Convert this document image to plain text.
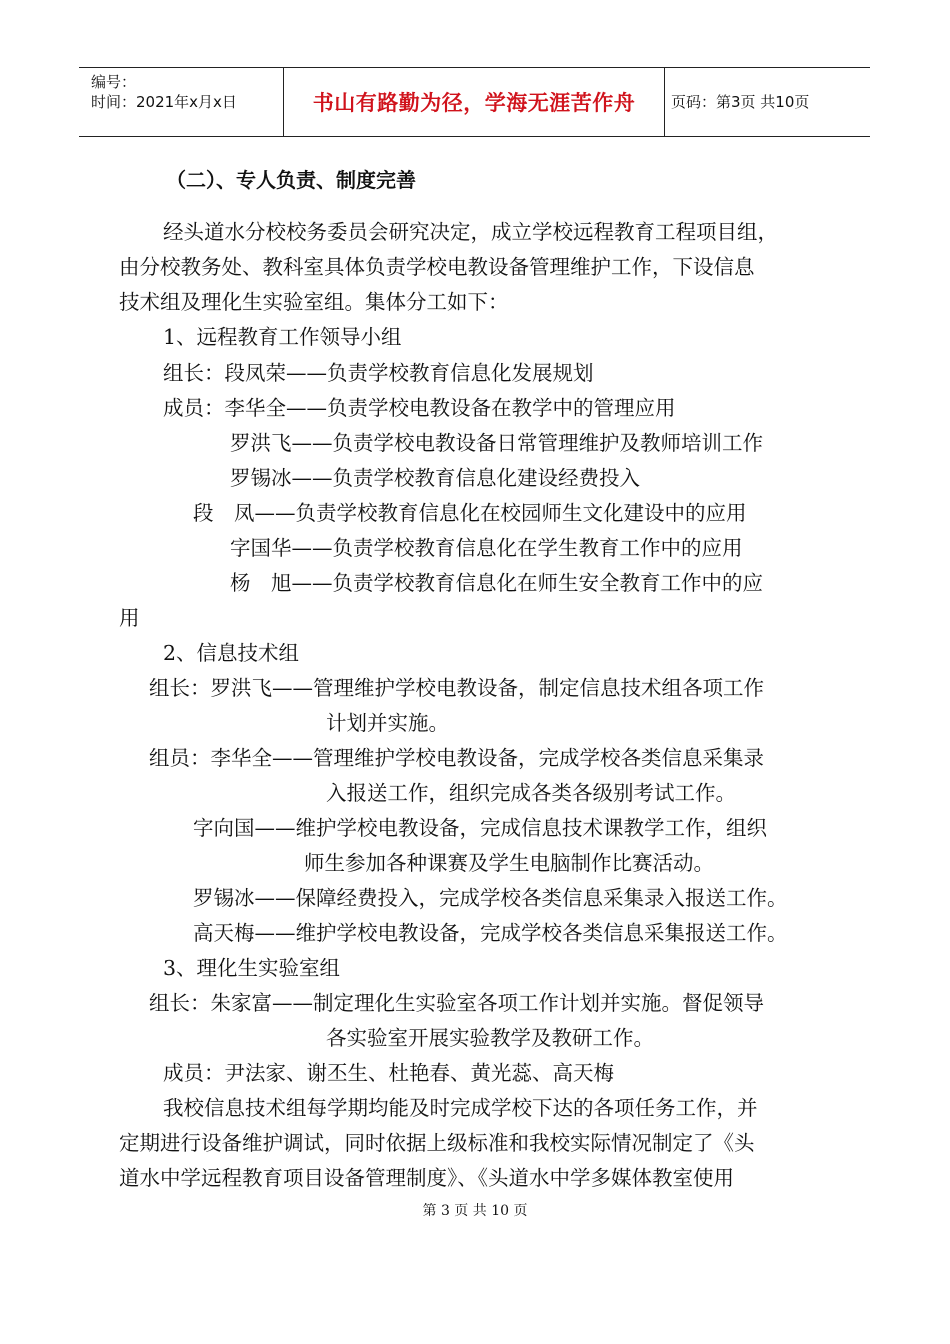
编号：
时间：2021年x月x日	书山有路勤为径，学海无涯苦作舟 页码：第3页 共10页
（二）、专人负责、制度完善
经头道水分校校务委员会研究决定，成立学校远程教育工程项目组，
由分校教务处、教科室具体负责学校电教设备管理维护工作，下设信息
技术组及理化生实验室组。集体分工如下：
1、远程教育工作领导小组
组长：段凤荣——负责学校教育信息化发展规划
成员：李华全——负责学校电教设备在教学中的管理应用
罗洪飞——负责学校电教设备日常管理维护及教师培训工作
罗锡冰——负责学校教育信息化建设经费投入
段　凤——负责学校教育信息化在校园师生文化建设中的应用
字国华——负责学校教育信息化在学生教育工作中的应用
杨　旭——负责学校教育信息化在师生安全教育工作中的应
用
2、信息技术组
组长：罗洪飞——管理维护学校电教设备，制定信息技术组各项工作
计划并实施。
组员：李华全——管理维护学校电教设备，完成学校各类信息采集录
入报送工作，组织完成各类各级别考试工作。
字向国——维护学校电教设备，完成信息技术课教学工作，组织
师生参加各种课赛及学生电脑制作比赛活动。
罗锡冰——保障经费投入，完成学校各类信息采集录入报送工作。
高天梅——维护学校电教设备，完成学校各类信息采集报送工作。
3、理化生实验室组
组长：朱家富——制定理化生实验室各项工作计划并实施。督促领导
各实验室开展实验教学及教研工作。
成员：尹法家、谢丕生、杜艳春、黄光蕊、高天梅
我校信息技术组每学期均能及时完成学校下达的各项任务工作，并
定期进行设备维护调试，同时依据上级标准和我校实际情况制定了《头
道水中学远程教育项目设备管理制度》、《头道水中学多媒体教室使用
第 3 页 共 10 页
